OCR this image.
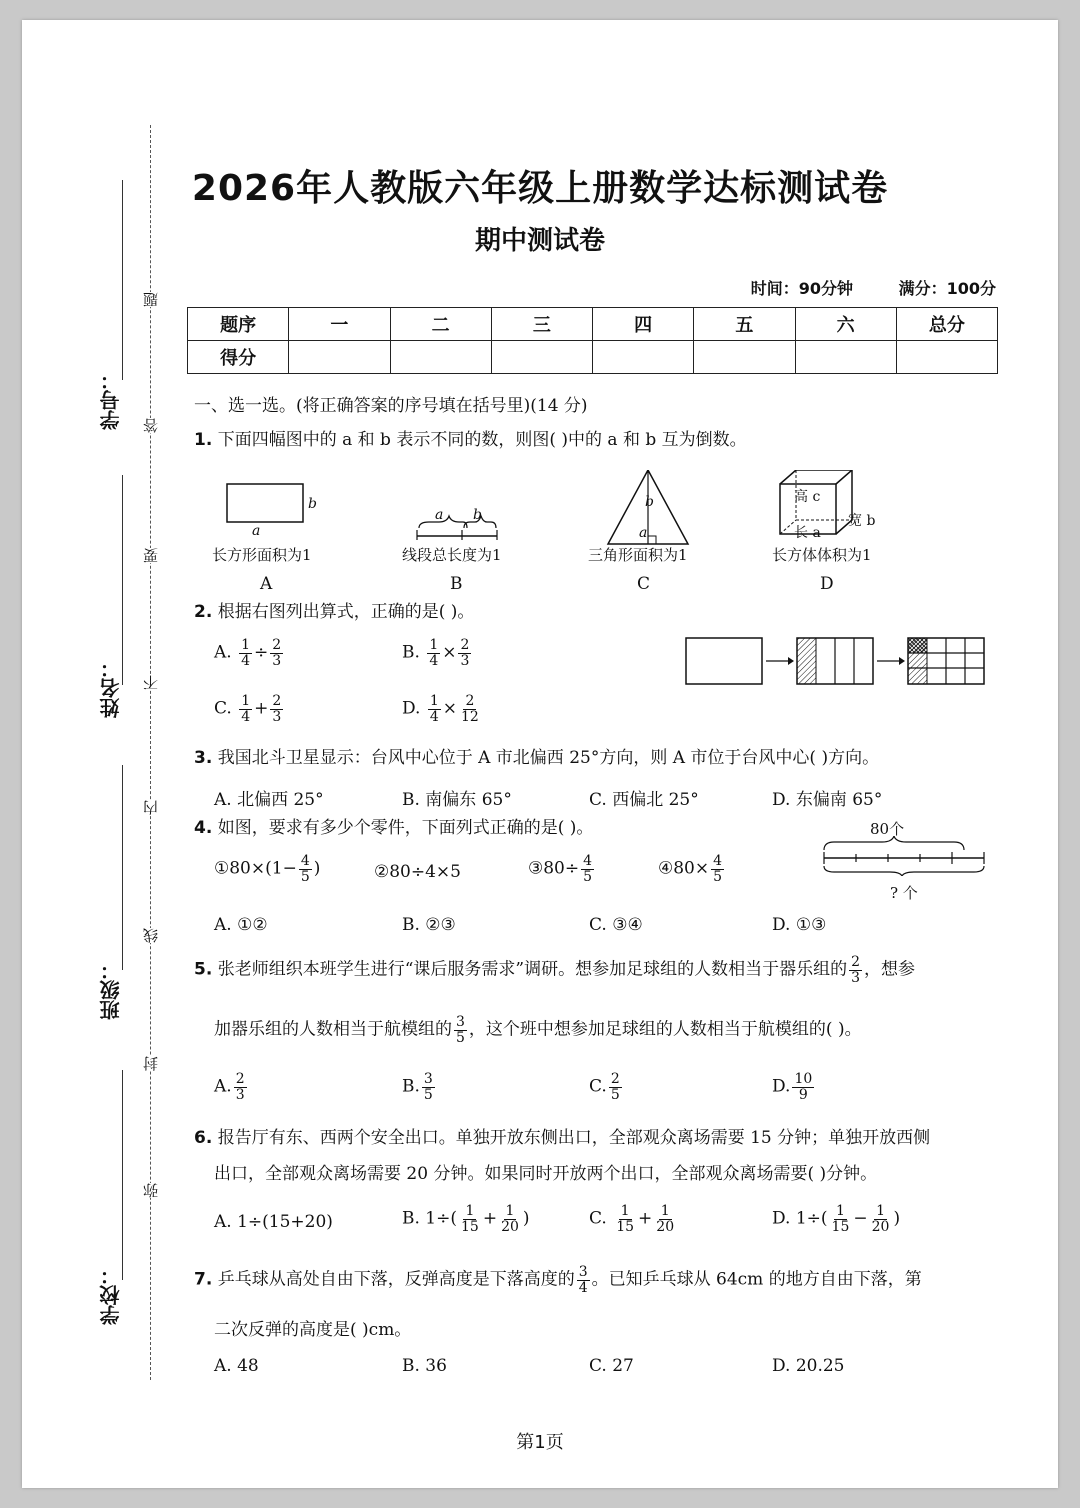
学号：
姓名：
班级：
学校：
题
答
要
不
内
线
封
弥
2026年人教版六年级上册数学达标测试卷
期中测试卷
时间：90分钟	满分：100分
题序	一	二	三	四	五	六	总分
得分							
一、选一选。(将正确答案的序号填在括号里)(14 分)
1. 下面四幅图中的 a 和 b 表示不同的数，则图( )中的 a 和 b 互为倒数。
a
b
a b
a
b	高 c
长 a
宽 b
长方形面积为1	线段总长度为1	三角形面积为1	长方体体积为1
A	B	C	D
2. 根据右图列出算式，正确的是( )。
A. $\frac{1}{4} \div \frac{2}{3}$	B. $\frac{1}{4} \times \frac{2}{3}$
C. $\frac{1}{4} + \frac{2}{3}$	D. $\frac{1}{4} \times \frac{2}{12}$
3. 我国北斗卫星显示：台风中心位于 A 市北偏西 25°方向，则 A 市位于台风中心( )方向。
A. 北偏西 25°	B. 南偏东 65°	C. 西偏北 25°	D. 东偏南 65°
4. 如图，要求有多少个零件，下面列式正确的是( )。
①80×(1− $\frac{4}{5}$ )	②80÷4×5	③80÷ $\frac{4}{5}$	④80× $\frac{4}{5}$
A. ①②	B. ②③	C. ③④	D. ①③
80个
? 个
5. 张老师组织本班学生进行“课后服务需求”调研。想参加足球组的人数相当于器乐组的 $\frac{2}{3}$ ，想参
加器乐组的人数相当于航模组的 $\frac{3}{5}$ ，这个班中想参加足球组的人数相当于航模组的( )。
A. $\frac{2}{3}$	B. $\frac{3}{5}$	C. $\frac{2}{5}$	D. $\frac{10}{9}$
6. 报告厅有东、西两个安全出口。单独开放东侧出口，全部观众离场需要 15 分钟；单独开放西侧
出口，全部观众离场需要 20 分钟。如果同时开放两个出口，全部观众离场需要( )分钟。
A. 1÷(15+20)	B. $1\div( \frac{1}{15} + \frac{1}{20}$ )	C. $\frac{1}{15} + \frac{1}{20}$	D. $1\div( \frac{1}{15} - \frac{1}{20}$ )
7. 乒乓球从高处自由下落，反弹高度是下落高度的 $\frac{3}{4}$ 。已知乒乓球从 64cm 的地方自由下落，第
二次反弹的高度是( )cm。
A. 48	B. 36	C. 27	D. 20.25
第1页
